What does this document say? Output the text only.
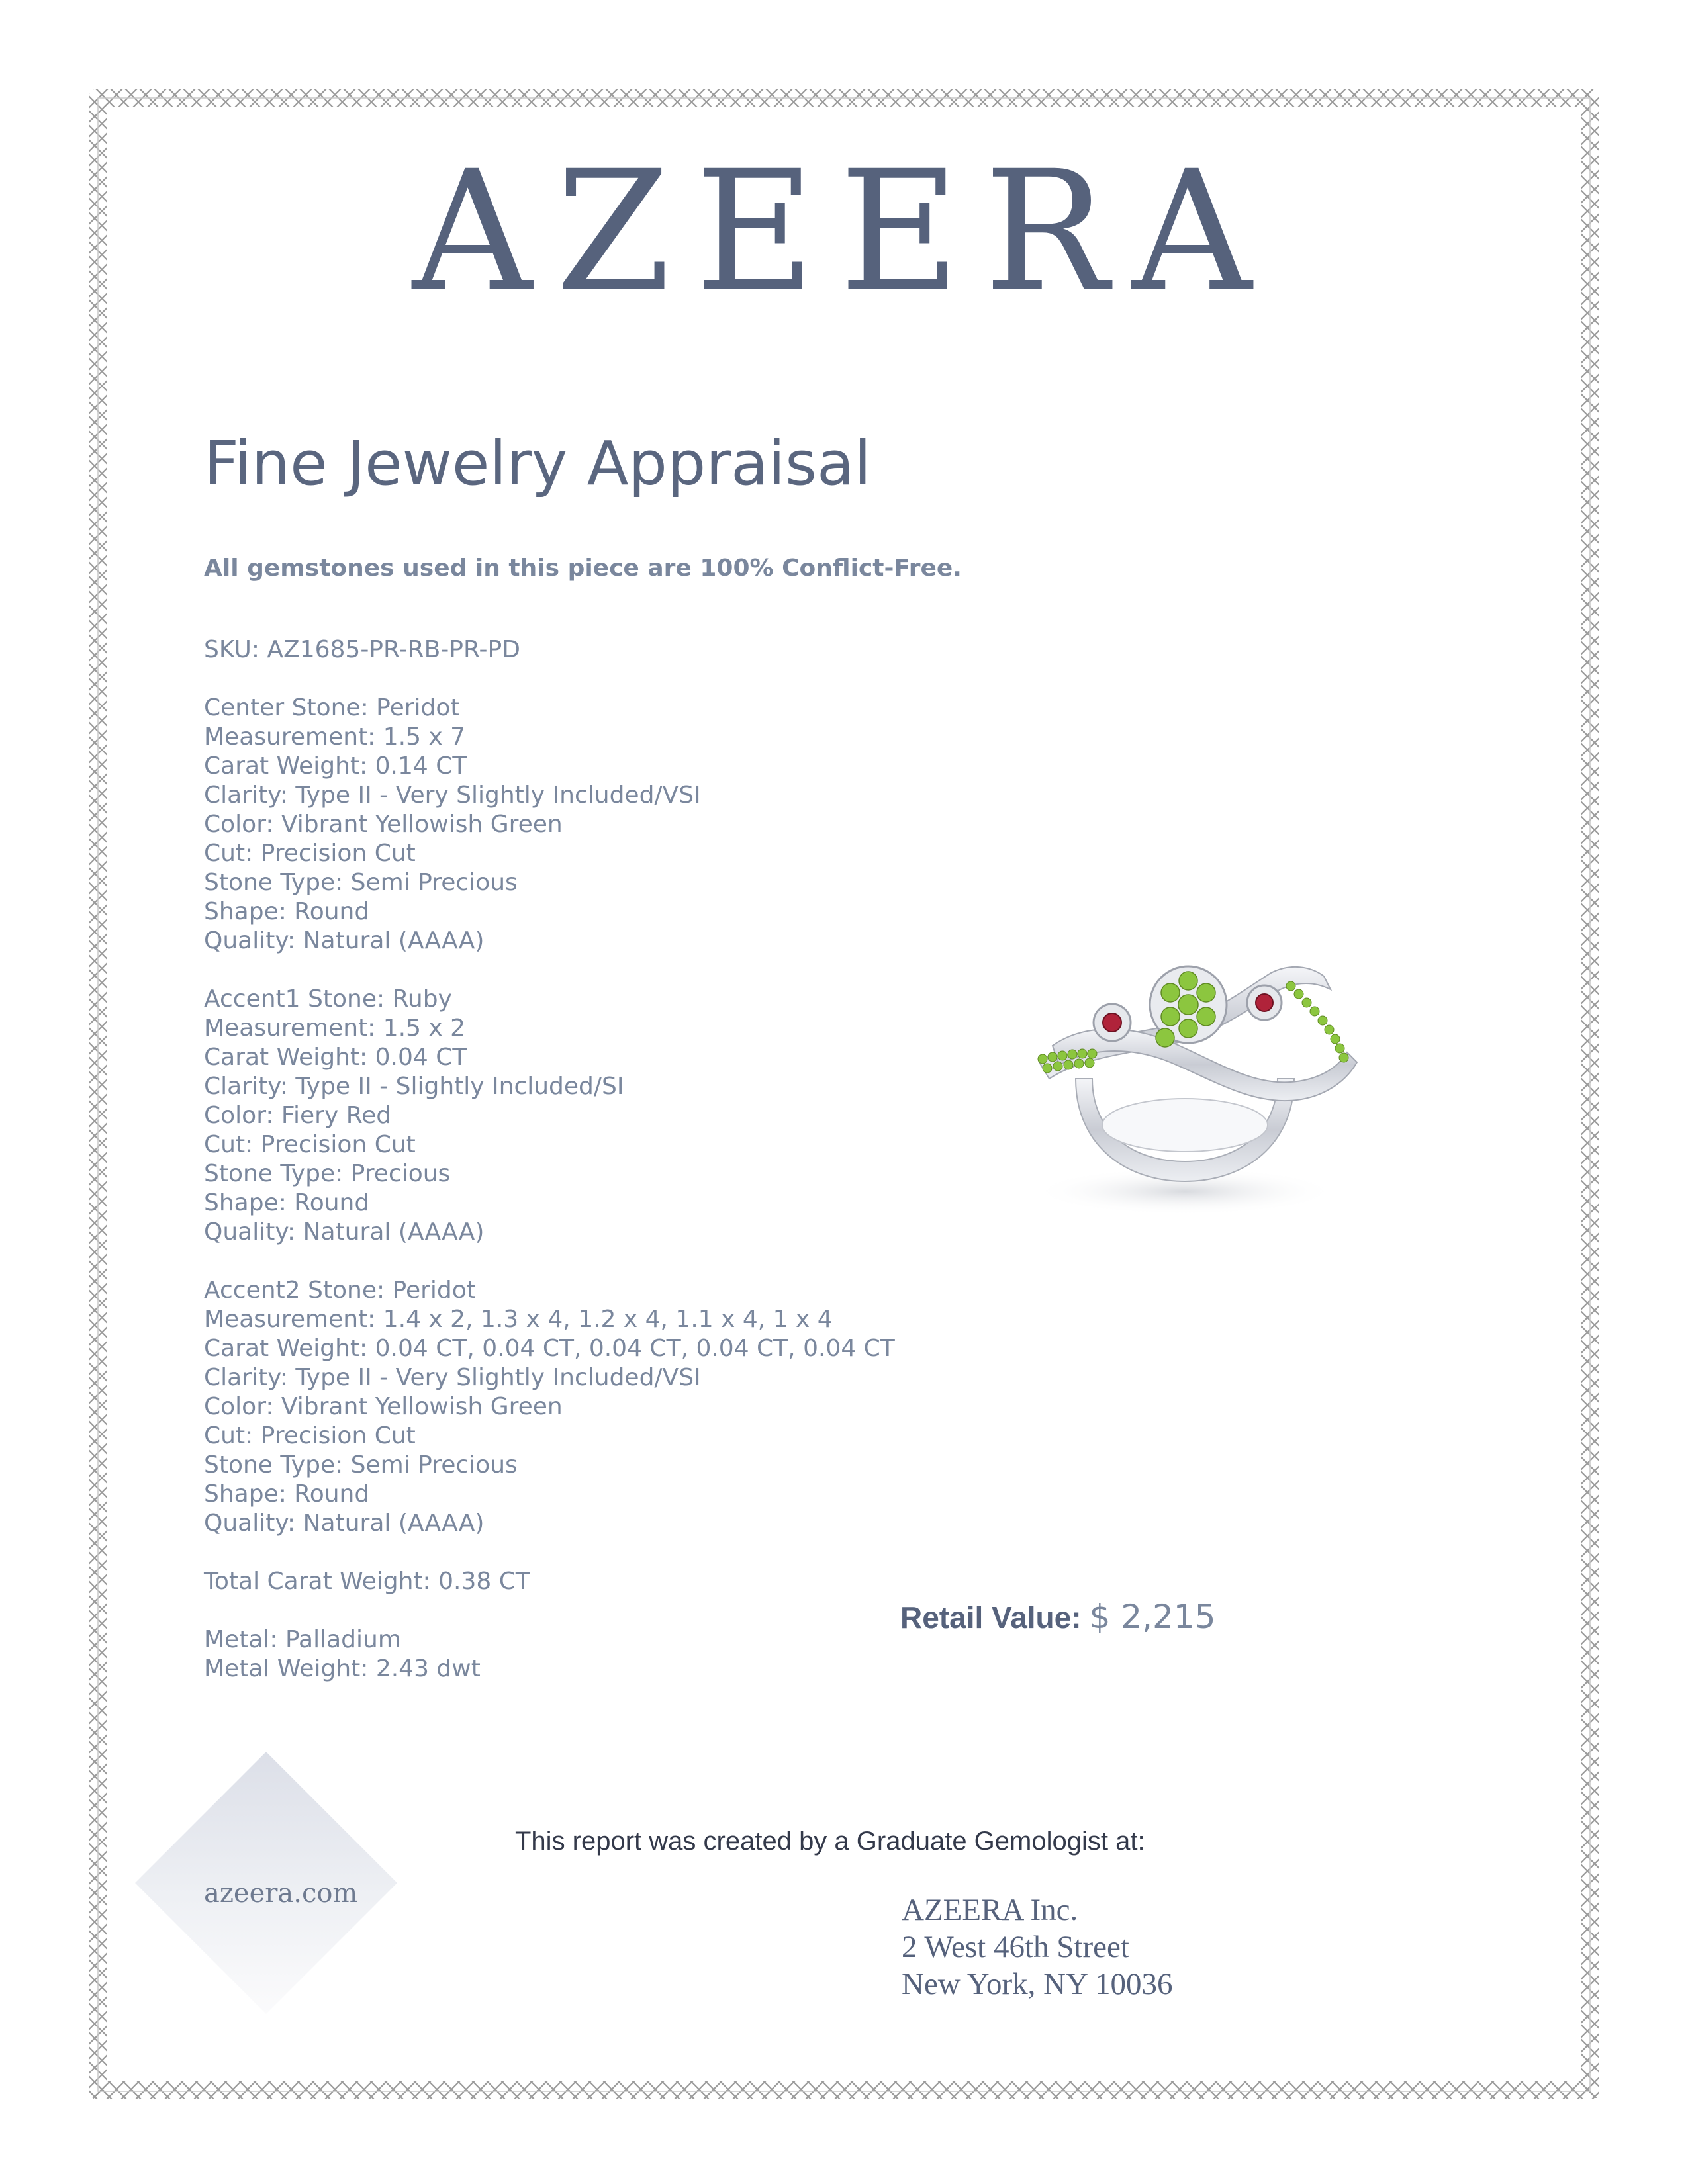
AZEERA
Fine Jewelry Appraisal
All gemstones used in this piece are 100% Conflict-Free.
SKU: AZ1685-PR-RB-PR-PD
Center Stone: Peridot
Measurement: 1.5 x 7
Carat Weight: 0.14 CT
Clarity: Type II - Very Slightly Included/VSI
Color: Vibrant Yellowish Green
Cut: Precision Cut
Stone Type: Semi Precious
Shape: Round
Quality: Natural (AAAA)
Accent1 Stone: Ruby
Measurement: 1.5 x 2
Carat Weight: 0.04 CT
Clarity: Type II - Slightly Included/SI
Color: Fiery Red
Cut: Precision Cut
Stone Type: Precious
Shape: Round
Quality: Natural (AAAA)
Accent2 Stone: Peridot
Measurement: 1.4 x 2, 1.3 x 4, 1.2 x 4, 1.1 x 4, 1 x 4
Carat Weight: 0.04 CT, 0.04 CT, 0.04 CT, 0.04 CT, 0.04 CT
Clarity: Type II - Very Slightly Included/VSI
Color: Vibrant Yellowish Green
Cut: Precision Cut
Stone Type: Semi Precious
Shape: Round
Quality: Natural (AAAA)
Total Carat Weight: 0.38 CT
Metal: Palladium
Metal Weight: 2.43 dwt
Retail Value: $ 2,215
azeera.com
This report was created by a Graduate Gemologist at:
AZEERA Inc.
2 West 46th Street
New York, NY 10036
